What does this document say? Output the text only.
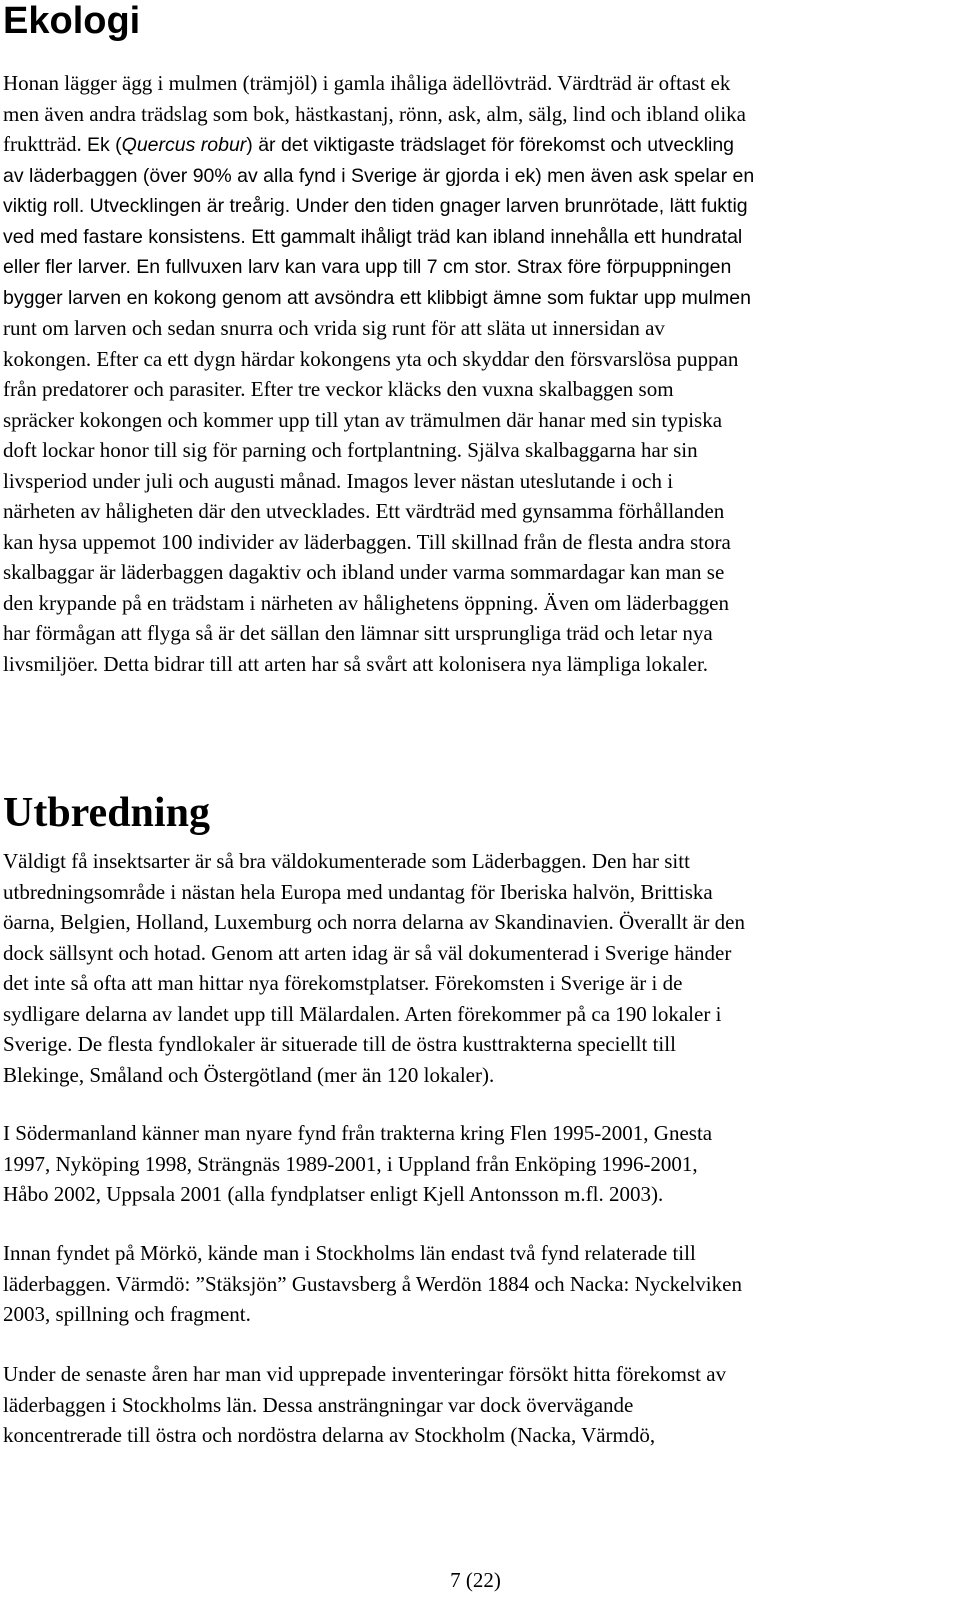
Ekologi
Honan lägger ägg i mulmen (trämjöl) i gamla ihåliga ädellövträd. Värdträd är oftast ek
men även andra trädslag som bok, hästkastanj, rönn, ask, alm, sälg, lind och ibland olika
fruktträd. Ek (Quercus robur) är det viktigaste trädslaget för förekomst och utveckling
av läderbaggen (över 90% av alla fynd i Sverige är gjorda i ek) men även ask spelar en
viktig roll. Utvecklingen är treårig. Under den tiden gnager larven brunrötade, lätt fuktig
ved med fastare konsistens. Ett gammalt ihåligt träd kan ibland innehålla ett hundratal
eller fler larver. En fullvuxen larv kan vara upp till 7 cm stor. Strax före förpuppningen
bygger larven en kokong genom att avsöndra ett klibbigt ämne som fuktar upp mulmen
runt om larven och sedan snurra och vrida sig runt för att släta ut innersidan av
kokongen. Efter ca ett dygn härdar kokongens yta och skyddar den försvarslösa puppan
från predatorer och parasiter. Efter tre veckor kläcks den vuxna skalbaggen som
spräcker kokongen och kommer upp till ytan av trämulmen där hanar med sin typiska
doft lockar honor till sig för parning och fortplantning. Själva skalbaggarna har sin
livsperiod under juli och augusti månad. Imagos lever nästan uteslutande i och i
närheten av håligheten där den utvecklades. Ett värdträd med gynsamma förhållanden
kan hysa uppemot 100 individer av läderbaggen. Till skillnad från de flesta andra stora
skalbaggar är läderbaggen dagaktiv och ibland under varma sommardagar kan man se
den krypande på en trädstam i närheten av hålighetens öppning. Även om läderbaggen
har förmågan att flyga så är det sällan den lämnar sitt ursprungliga träd och letar nya
livsmiljöer. Detta bidrar till att arten har så svårt att kolonisera nya lämpliga lokaler.
Utbredning
Väldigt få insektsarter är så bra väldokumenterade som Läderbaggen. Den har sitt
utbredningsområde i nästan hela Europa med undantag för Iberiska halvön, Brittiska
öarna, Belgien, Holland, Luxemburg och norra delarna av Skandinavien. Överallt är den
dock sällsynt och hotad. Genom att arten idag är så väl dokumenterad i Sverige händer
det inte så ofta att man hittar nya förekomstplatser. Förekomsten i Sverige är i de
sydligare delarna av landet upp till Mälardalen. Arten förekommer på ca 190 lokaler i
Sverige. De flesta fyndlokaler är situerade till de östra kusttrakterna speciellt till
Blekinge, Småland och Östergötland (mer än 120 lokaler).
I Södermanland känner man nyare fynd från trakterna kring Flen 1995-2001, Gnesta
1997, Nyköping 1998, Strängnäs 1989-2001, i Uppland från Enköping 1996-2001,
Håbo 2002, Uppsala 2001 (alla fyndplatser enligt Kjell Antonsson m.fl. 2003).
Innan fyndet på Mörkö, kände man i Stockholms län endast två fynd relaterade till
läderbaggen. Värmdö: ”Stäksjön” Gustavsberg å Werdön 1884 och Nacka: Nyckelviken
2003, spillning och fragment.
Under de senaste åren har man vid upprepade inventeringar försökt hitta förekomst av
läderbaggen i Stockholms län. Dessa ansträngningar var dock övervägande
koncentrerade till östra och nordöstra delarna av Stockholm (Nacka, Värmdö,
7 (22)
